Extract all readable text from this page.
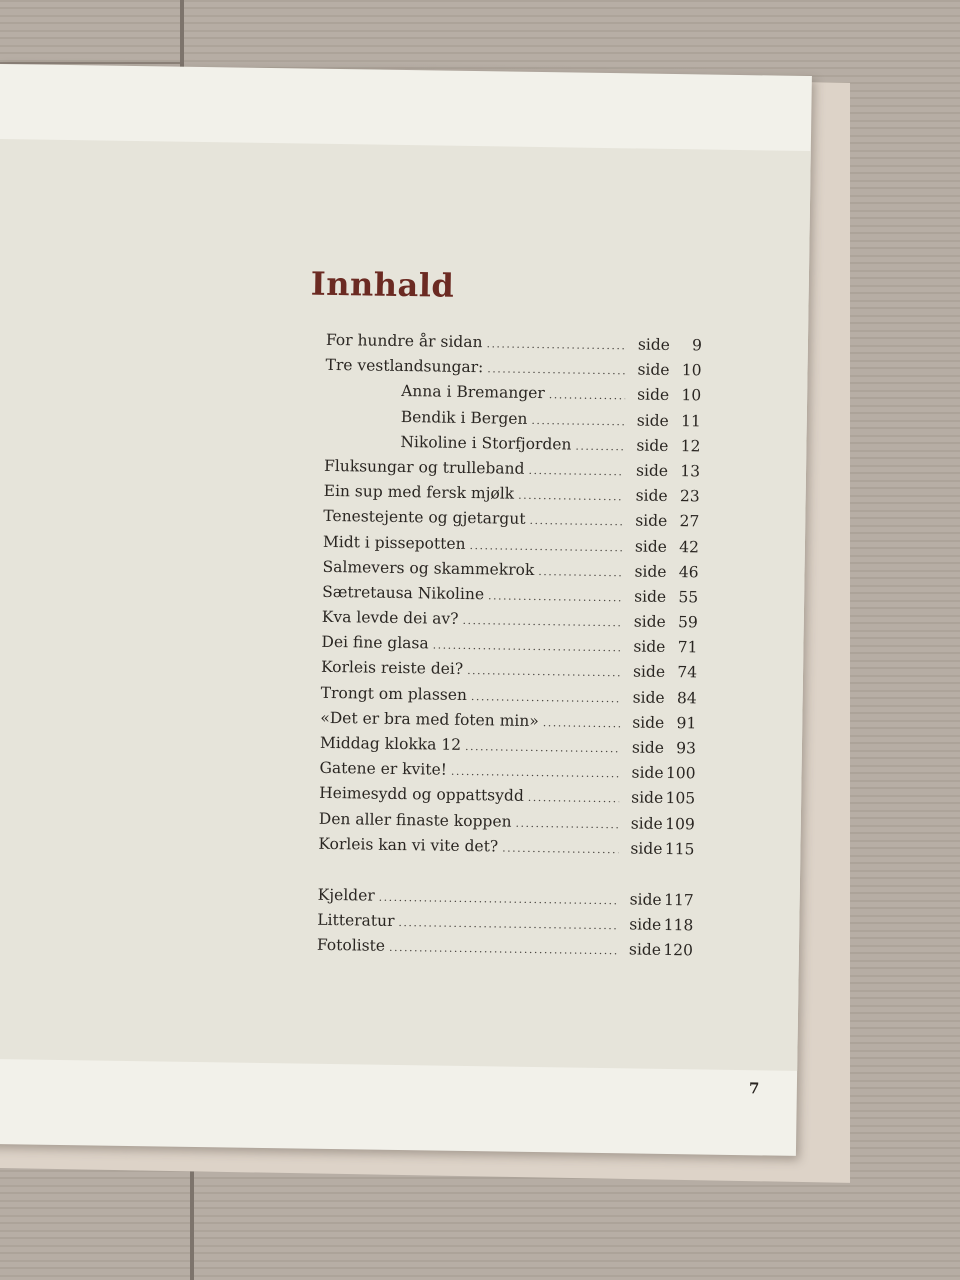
Innhald
For hundre år sidan .....	side	9
Tre vestlandsungar: .....	side 10
Anna i Bremanger .....	side 10
Bendik i Bergen .....	side 11
Nikoline i Storfjorden .....	side 12
Fluksungar og trulleband .....	side 13
Ein sup med fersk mjølk .....	side 23
Tenestejente og gjetargut .....	side 27
Midt i pissepotten .....	side 42
Salmevers og skammekrok .....	side 46
Sætretausa Nikoline .....	side 55
Kva levde dei av? .....	side 59
Dei fine glasa .....	side 71
Korleis reiste dei? .....	side 74
Trongt om plassen .....	side 84
«Det er bra med foten min» .....	side 91
Middag klokka 12 .....	side 93
Gatene er kvite! .....	side 100
Heimesydd og oppattsydd .....	side 105
Den aller finaste koppen .....	side 109
Korleis kan vi vite det? .....	side 115
Kjelder .....	side 117
Litteratur .....	side 118
Fotoliste .....	side 120
7
